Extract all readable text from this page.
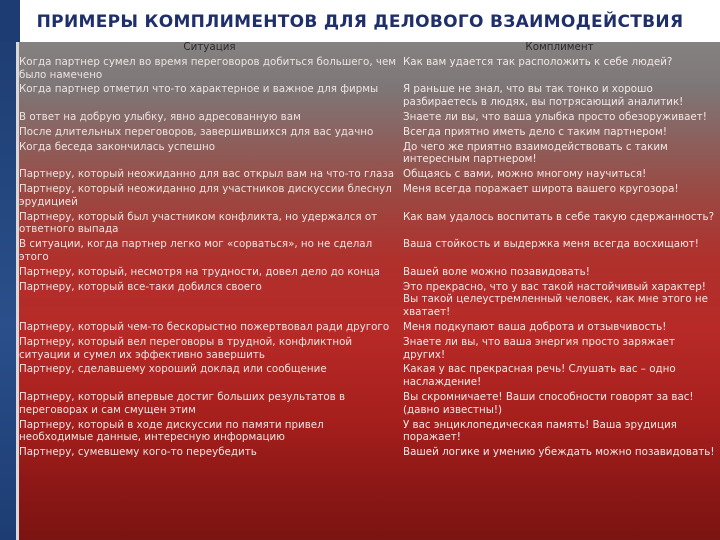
ПРИМЕРЫ КОМПЛИМЕНТОВ ДЛЯ ДЕЛОВОГО ВЗАИМОДЕЙСТВИЯ
Ситуация	Комплимент
Когда партнер сумел во время переговоров добиться большего, чем было намечено	Как вам удается так расположить к себе людей?
Когда партнер отметил что-то характерное и важное для фирмы	Я раньше не знал, что вы так тонко и хорошо разбираетесь в людях, вы потрясающий аналитик!
В ответ на добрую улыбку, явно адресованную вам	Знаете ли вы, что ваша улыбка просто обезоруживает!
После длительных переговоров, завершившихся для вас удачно	Всегда приятно иметь дело с таким партнером!
Когда беседа закончилась успешно	До чего же приятно взаимодействовать с таким интересным партнером!
Партнеру, который неожиданно для вас открыл вам на что-то глаза	Общаясь с вами, можно многому научиться!
Партнеру, который неожиданно для участников дискуссии блеснул эрудицией	Меня всегда поражает широта вашего кругозора!
Партнеру, который был участником конфликта, но удержался от ответного выпада	Как вам удалось воспитать в себе такую сдержанность?
В ситуации, когда партнер легко мог «сорваться», но не сделал этого	Ваша стойкость и выдержка меня всегда восхищают!
Партнеру, который, несмотря на трудности, довел дело до конца	Вашей воле можно позавидовать!
Партнеру, который все-таки добился своего	Это прекрасно, что у вас такой настойчивый характер! Вы такой целеустремленный человек, как мне этого не хватает!
Партнеру, который чем-то бескорыстно пожертвовал ради другого	Меня подкупают ваша доброта и отзывчивость!
Партнеру, который вел переговоры в трудной, конфликтной ситуации и сумел их эффективно завершить	Знаете ли вы, что ваша энергия просто заряжает других!
Партнеру, сделавшему хороший доклад или сообщение	Какая у вас прекрасная речь! Слушать вас – одно наслаждение!
Партнеру, который впервые достиг больших результатов в переговорах и сам смущен этим	Вы скромничаете! Ваши способности говорят за вас! (давно известны!)
Партнеру, который в ходе дискуссии по памяти привел необходимые данные, интересную информацию	У вас энциклопедическая память! Ваша эрудиция поражает!
Партнеру, сумевшему кого-то переубедить	Вашей логике и умению убеждать можно позавидовать!
